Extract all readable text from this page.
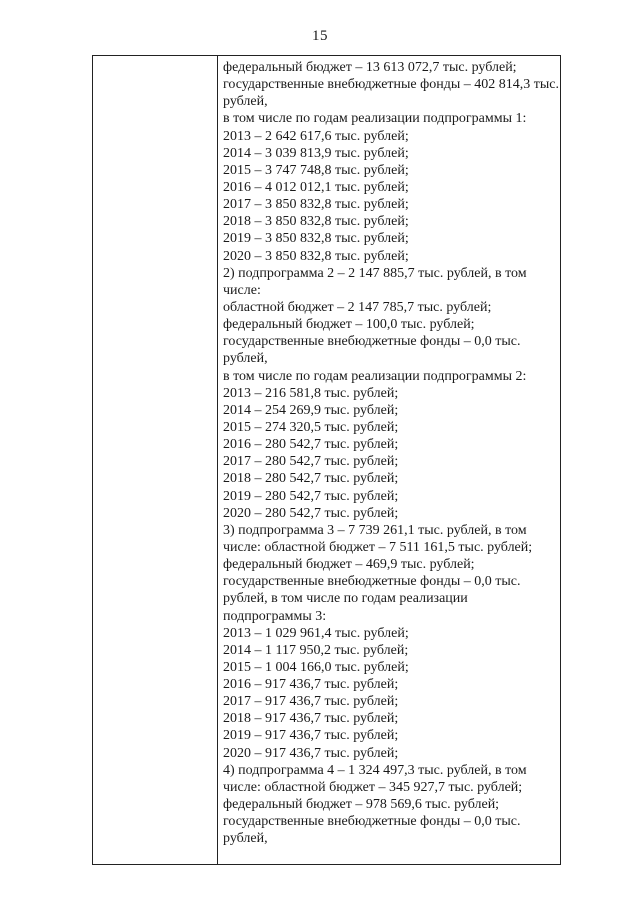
15
федеральный бюджет – 13 613 072,7 тыс. рублей;
государственные внебюджетные фонды – 402 814,3 тыс.
рублей,
в том числе по годам реализации подпрограммы 1:
2013 – 2 642 617,6 тыс. рублей;
2014 – 3 039 813,9 тыс. рублей;
2015 – 3 747 748,8 тыс. рублей;
2016 – 4 012 012,1 тыс. рублей;
2017 – 3 850 832,8 тыс. рублей;
2018 – 3 850 832,8 тыс. рублей;
2019 – 3 850 832,8 тыс. рублей;
2020 – 3 850 832,8 тыс. рублей;
2) подпрограмма 2 – 2 147 885,7 тыс. рублей, в том
числе:
областной бюджет – 2 147 785,7 тыс. рублей;
федеральный бюджет – 100,0 тыс. рублей;
государственные внебюджетные фонды – 0,0 тыс.
рублей,
в том числе по годам реализации подпрограммы 2:
2013 – 216 581,8 тыс. рублей;
2014 – 254 269,9 тыс. рублей;
2015 – 274 320,5 тыс. рублей;
2016 – 280 542,7 тыс. рублей;
2017 – 280 542,7 тыс. рублей;
2018 – 280 542,7 тыс. рублей;
2019 – 280 542,7 тыс. рублей;
2020 – 280 542,7 тыс. рублей;
3) подпрограмма 3 – 7 739 261,1 тыс. рублей, в том
числе: областной бюджет – 7 511 161,5 тыс. рублей;
федеральный бюджет – 469,9 тыс. рублей;
государственные внебюджетные фонды – 0,0 тыс.
рублей, в том числе по годам реализации
подпрограммы 3:
2013 – 1 029 961,4 тыс. рублей;
2014 – 1 117 950,2 тыс. рублей;
2015 – 1 004 166,0 тыс. рублей;
2016 – 917 436,7 тыс. рублей;
2017 – 917 436,7 тыс. рублей;
2018 – 917 436,7 тыс. рублей;
2019 – 917 436,7 тыс. рублей;
2020 – 917 436,7 тыс. рублей;
4) подпрограмма 4 – 1 324 497,3 тыс. рублей, в том
числе: областной бюджет – 345 927,7 тыс. рублей;
федеральный бюджет – 978 569,6 тыс. рублей;
государственные внебюджетные фонды – 0,0 тыс.
рублей,
